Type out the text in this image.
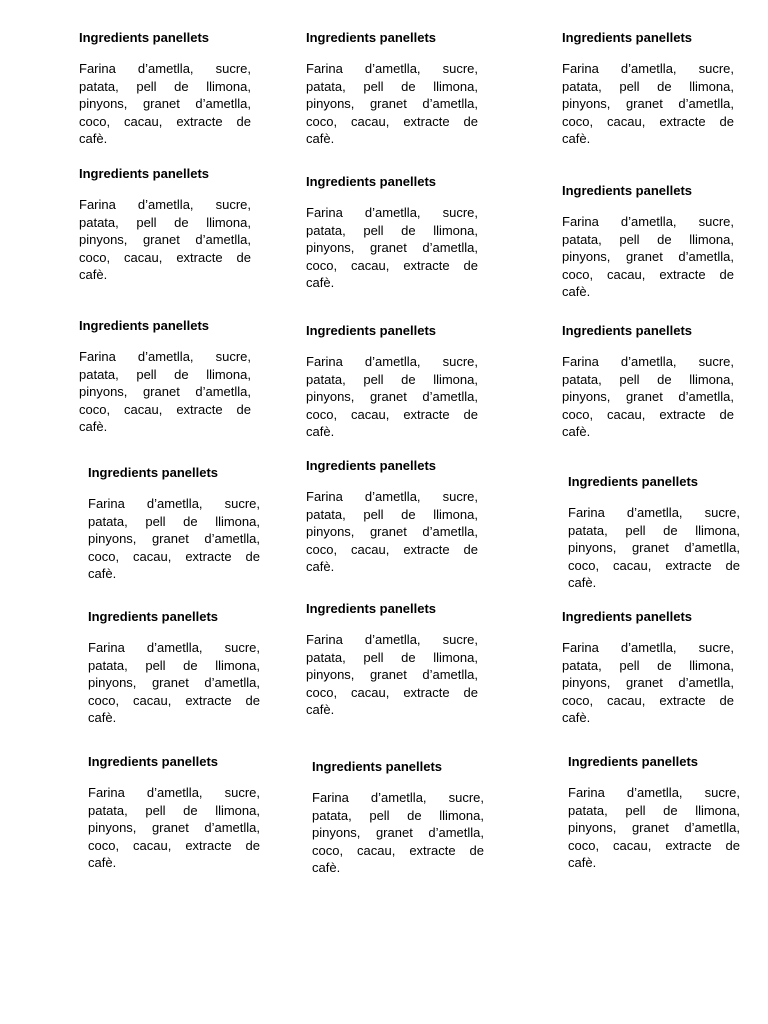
Ingredients panellets
Farina d’ametlla, sucre, patata, pell de llimona, pinyons, granet d’ametlla, coco, cacau, extracte de cafè.
Ingredients panellets
Farina d’ametlla, sucre, patata, pell de llimona, pinyons, granet d’ametlla, coco, cacau, extracte de cafè.
Ingredients panellets
Farina d’ametlla, sucre, patata, pell de llimona, pinyons, granet d’ametlla, coco, cacau, extracte de cafè.
Ingredients panellets
Farina d’ametlla, sucre, patata, pell de llimona, pinyons, granet d’ametlla, coco, cacau, extracte de cafè.
Ingredients panellets
Farina d’ametlla, sucre, patata, pell de llimona, pinyons, granet d’ametlla, coco, cacau, extracte de cafè.
Ingredients panellets
Farina d’ametlla, sucre, patata, pell de llimona, pinyons, granet d’ametlla, coco, cacau, extracte de cafè.
Ingredients panellets
Farina d’ametlla, sucre, patata, pell de llimona, pinyons, granet d’ametlla, coco, cacau, extracte de cafè.
Ingredients panellets
Farina d’ametlla, sucre, patata, pell de llimona, pinyons, granet d’ametlla, coco, cacau, extracte de cafè.
Ingredients panellets
Farina d’ametlla, sucre, patata, pell de llimona, pinyons, granet d’ametlla, coco, cacau, extracte de cafè.
Ingredients panellets
Farina d’ametlla, sucre, patata, pell de llimona, pinyons, granet d’ametlla, coco, cacau, extracte de cafè.
Ingredients panellets
Farina d’ametlla, sucre, patata, pell de llimona, pinyons, granet d’ametlla, coco, cacau, extracte de cafè.
Ingredients panellets
Farina d’ametlla, sucre, patata, pell de llimona, pinyons, granet d’ametlla, coco, cacau, extracte de cafè.
Ingredients panellets
Farina d’ametlla, sucre, patata, pell de llimona, pinyons, granet d’ametlla, coco, cacau, extracte de cafè.
Ingredients panellets
Farina d’ametlla, sucre, patata, pell de llimona, pinyons, granet d’ametlla, coco, cacau, extracte de cafè.
Ingredients panellets
Farina d’ametlla, sucre, patata, pell de llimona, pinyons, granet d’ametlla, coco, cacau, extracte de cafè.
Ingredients panellets
Farina d’ametlla, sucre, patata, pell de llimona, pinyons, granet d’ametlla, coco, cacau, extracte de cafè.
Ingredients panellets
Farina d’ametlla, sucre, patata, pell de llimona, pinyons, granet d’ametlla, coco, cacau, extracte de cafè.
Ingredients panellets
Farina d’ametlla, sucre, patata, pell de llimona, pinyons, granet d’ametlla, coco, cacau, extracte de cafè.
